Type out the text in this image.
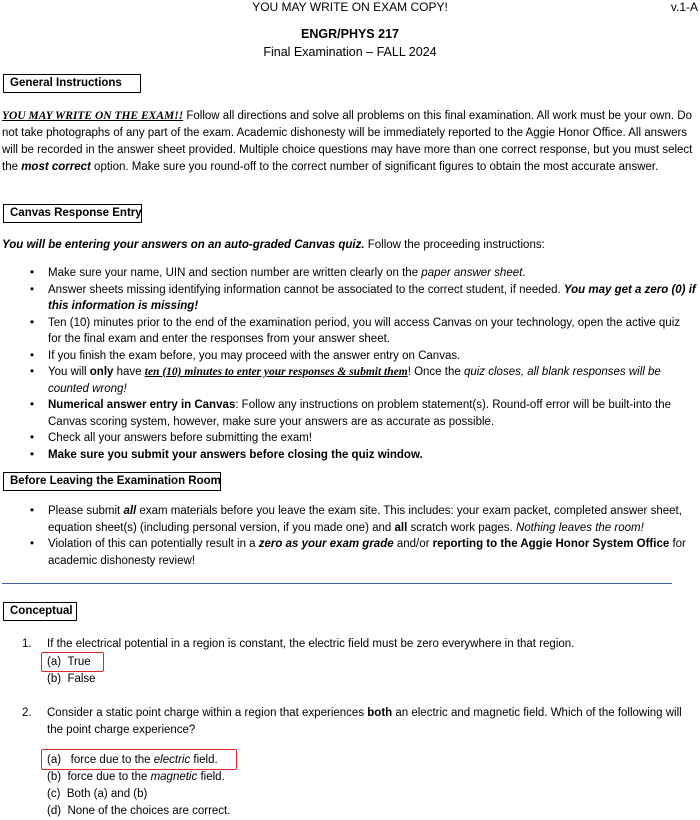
YOU MAY WRITE ON EXAM COPY!	v.1-A
ENGR/PHYS 217
Final Examination – FALL 2024
General Instructions
YOU MAY WRITE ON THE EXAM!! Follow all directions and solve all problems on this final examination. All work must be your own. Do not take photographs of any part of the exam. Academic dishonesty will be immediately reported to the Aggie Honor Office. All answers will be recorded in the answer sheet provided. Multiple choice questions may have more than one correct response, but you must select the most correct option. Make sure you round-off to the correct number of significant figures to obtain the most accurate answer.
Canvas Response Entry
You will be entering your answers on an auto-graded Canvas quiz. Follow the proceeding instructions:
• Make sure your name, UIN and section number are written clearly on the paper answer sheet.
• Answer sheets missing identifying information cannot be associated to the correct student, if needed. You may get a zero (0) if this information is missing!
• Ten (10) minutes prior to the end of the examination period, you will access Canvas on your technology, open the active quiz for the final exam and enter the responses from your answer sheet.
• If you finish the exam before, you may proceed with the answer entry on Canvas.
• You will only have ten (10) minutes to enter your responses & submit them! Once the quiz closes, all blank responses will be counted wrong!
• Numerical answer entry in Canvas: Follow any instructions on problem statement(s). Round-off error will be built-into the Canvas scoring system, however, make sure your answers are as accurate as possible.
• Check all your answers before submitting the exam!
• Make sure you submit your answers before closing the quiz window.
Before Leaving the Examination Room
• Please submit all exam materials before you leave the exam site. This includes: your exam packet, completed answer sheet, equation sheet(s) (including personal version, if you made one) and all scratch work pages. Nothing leaves the room!
• Violation of this can potentially result in a zero as your exam grade and/or reporting to the Aggie Honor System Office for academic dishonesty review!
Conceptual
1. If the electrical potential in a region is constant, the electric field must be zero everywhere in that region.
(a) True
(b) False
2. Consider a static point charge within a region that experiences both an electric and magnetic field. Which of the following will the point charge experience?
(a) force due to the electric field.
(b) force due to the magnetic field.
(c) Both (a) and (b)
(d) None of the choices are correct.
